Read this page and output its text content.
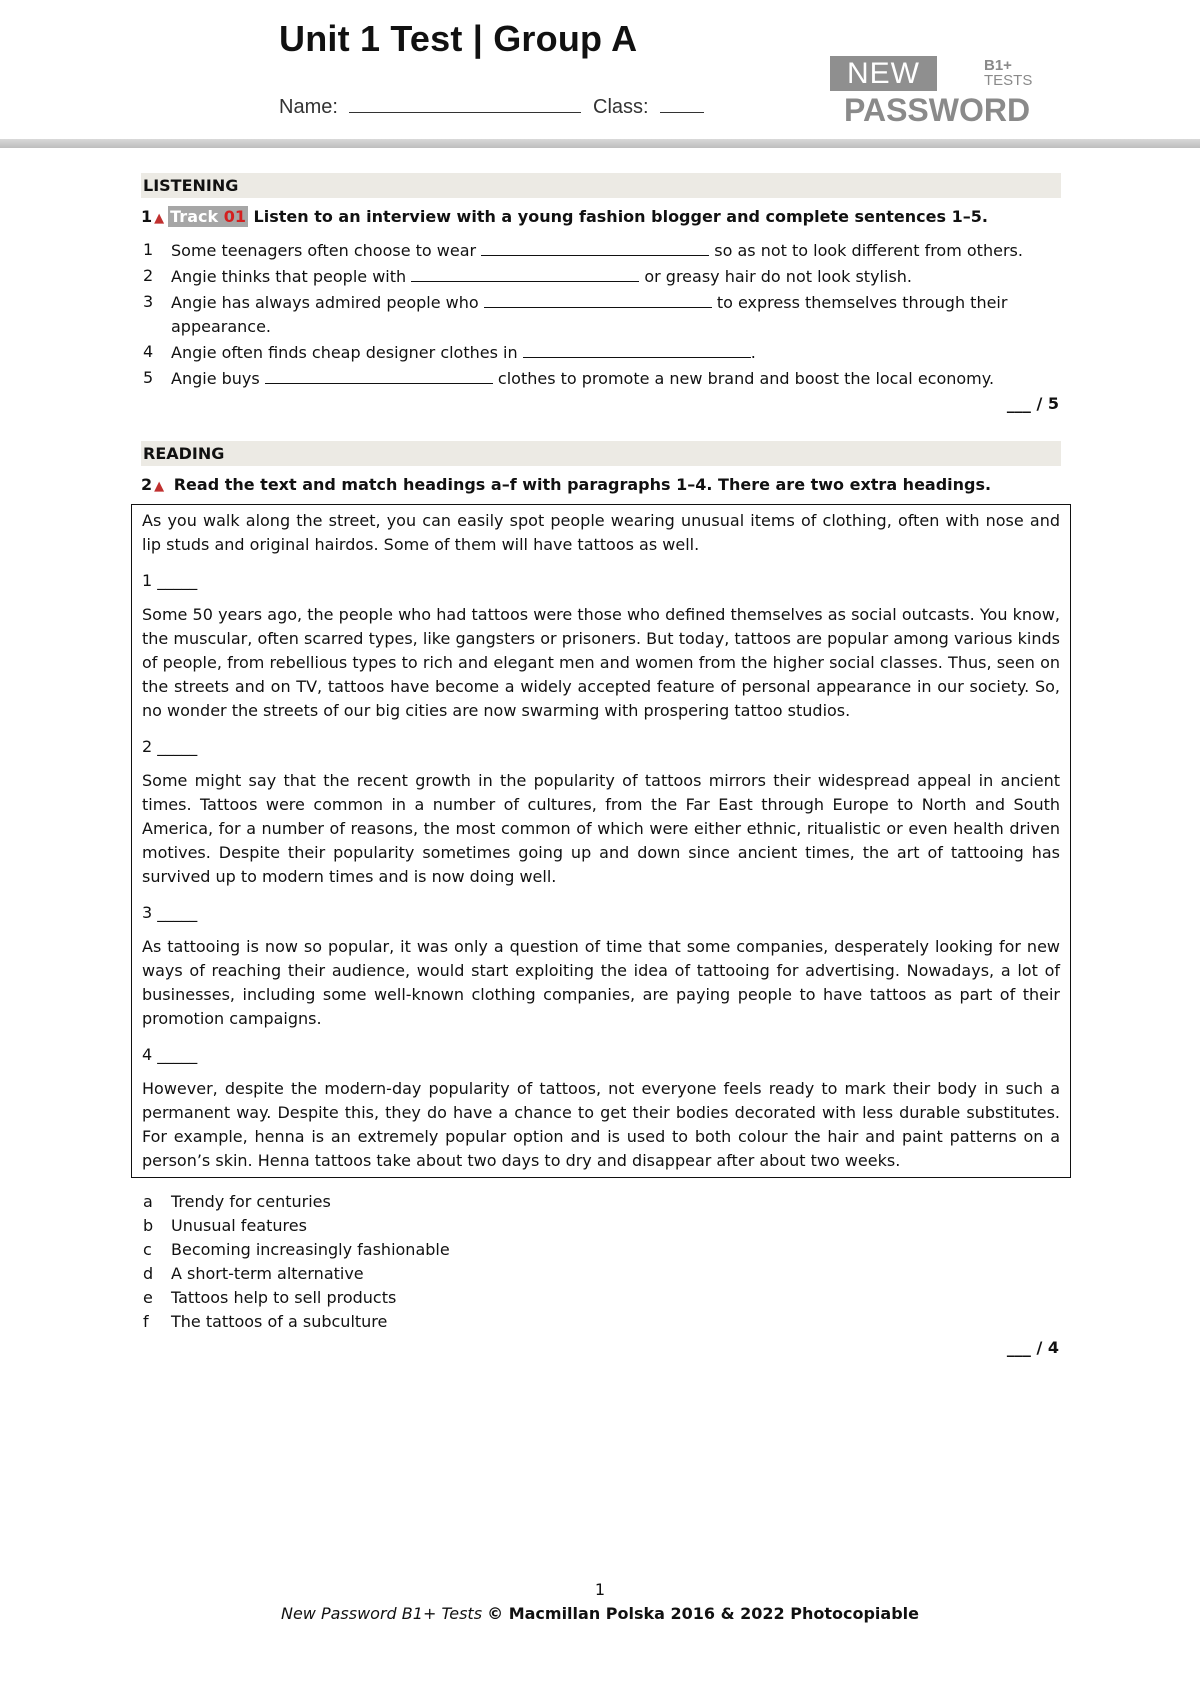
Unit 1 Test | Group A
Name:	Class:
NEW	B1+
TESTS
PASSWORD
LISTENING
1 ▲ Track 01 Listen to an interview with a young fashion blogger and complete sentences 1–5.
1 Some teenagers often choose to wear	so as not to look different from others.
2 Angie thinks that people with	or greasy hair do not look stylish.
3 Angie has always admired people who	to express themselves through their appearance.
4 Angie often finds cheap designer clothes in	.
5 Angie buys	clothes to promote a new brand and boost the local economy.
___ / 5
READING
2 ▲ Read the text and match headings a–f with paragraphs 1–4. There are two extra headings.

As you walk along the street, you can easily spot people wearing unusual items of clothing, often with nose and lip studs and original hairdos. Some of them will have tattoos as well.

1 _____

Some 50 years ago, the people who had tattoos were those who defined themselves as social outcasts. You know, the muscular, often scarred types, like gangsters or prisoners. But today, tattoos are popular among various kinds of people, from rebellious types to rich and elegant men and women from the higher social classes. Thus, seen on the streets and on TV, tattoos have become a widely accepted feature of personal appearance in our society. So, no wonder the streets of our big cities are now swarming with prospering tattoo studios.

2 _____

Some might say that the recent growth in the popularity of tattoos mirrors their widespread appeal in ancient times. Tattoos were common in a number of cultures, from the Far East through Europe to North and South America, for a number of reasons, the most common of which were either ethnic, ritualistic or even health driven motives. Despite their popularity sometimes going up and down since ancient times, the art of tattooing has survived up to modern times and is now doing well.

3 _____

As tattooing is now so popular, it was only a question of time that some companies, desperately looking for new ways of reaching their audience, would start exploiting the idea of tattooing for advertising. Nowadays, a lot of businesses, including some well-known clothing companies, are paying people to have tattoos as part of their promotion campaigns.

4 _____

However, despite the modern-day popularity of tattoos, not everyone feels ready to mark their body in such a permanent way. Despite this, they do have a chance to get their bodies decorated with less durable substitutes. For example, henna is an extremely popular option and is used to both colour the hair and paint patterns on a person’s skin. Henna tattoos take about two days to dry and disappear after about two weeks.

a Trendy for centuries
b Unusual features
c Becoming increasingly fashionable
d A short-term alternative
e Tattoos help to sell products
f The tattoos of a subculture
___ / 4
1
New Password B1+ Tests © Macmillan Polska 2016 & 2022 Photocopiable
